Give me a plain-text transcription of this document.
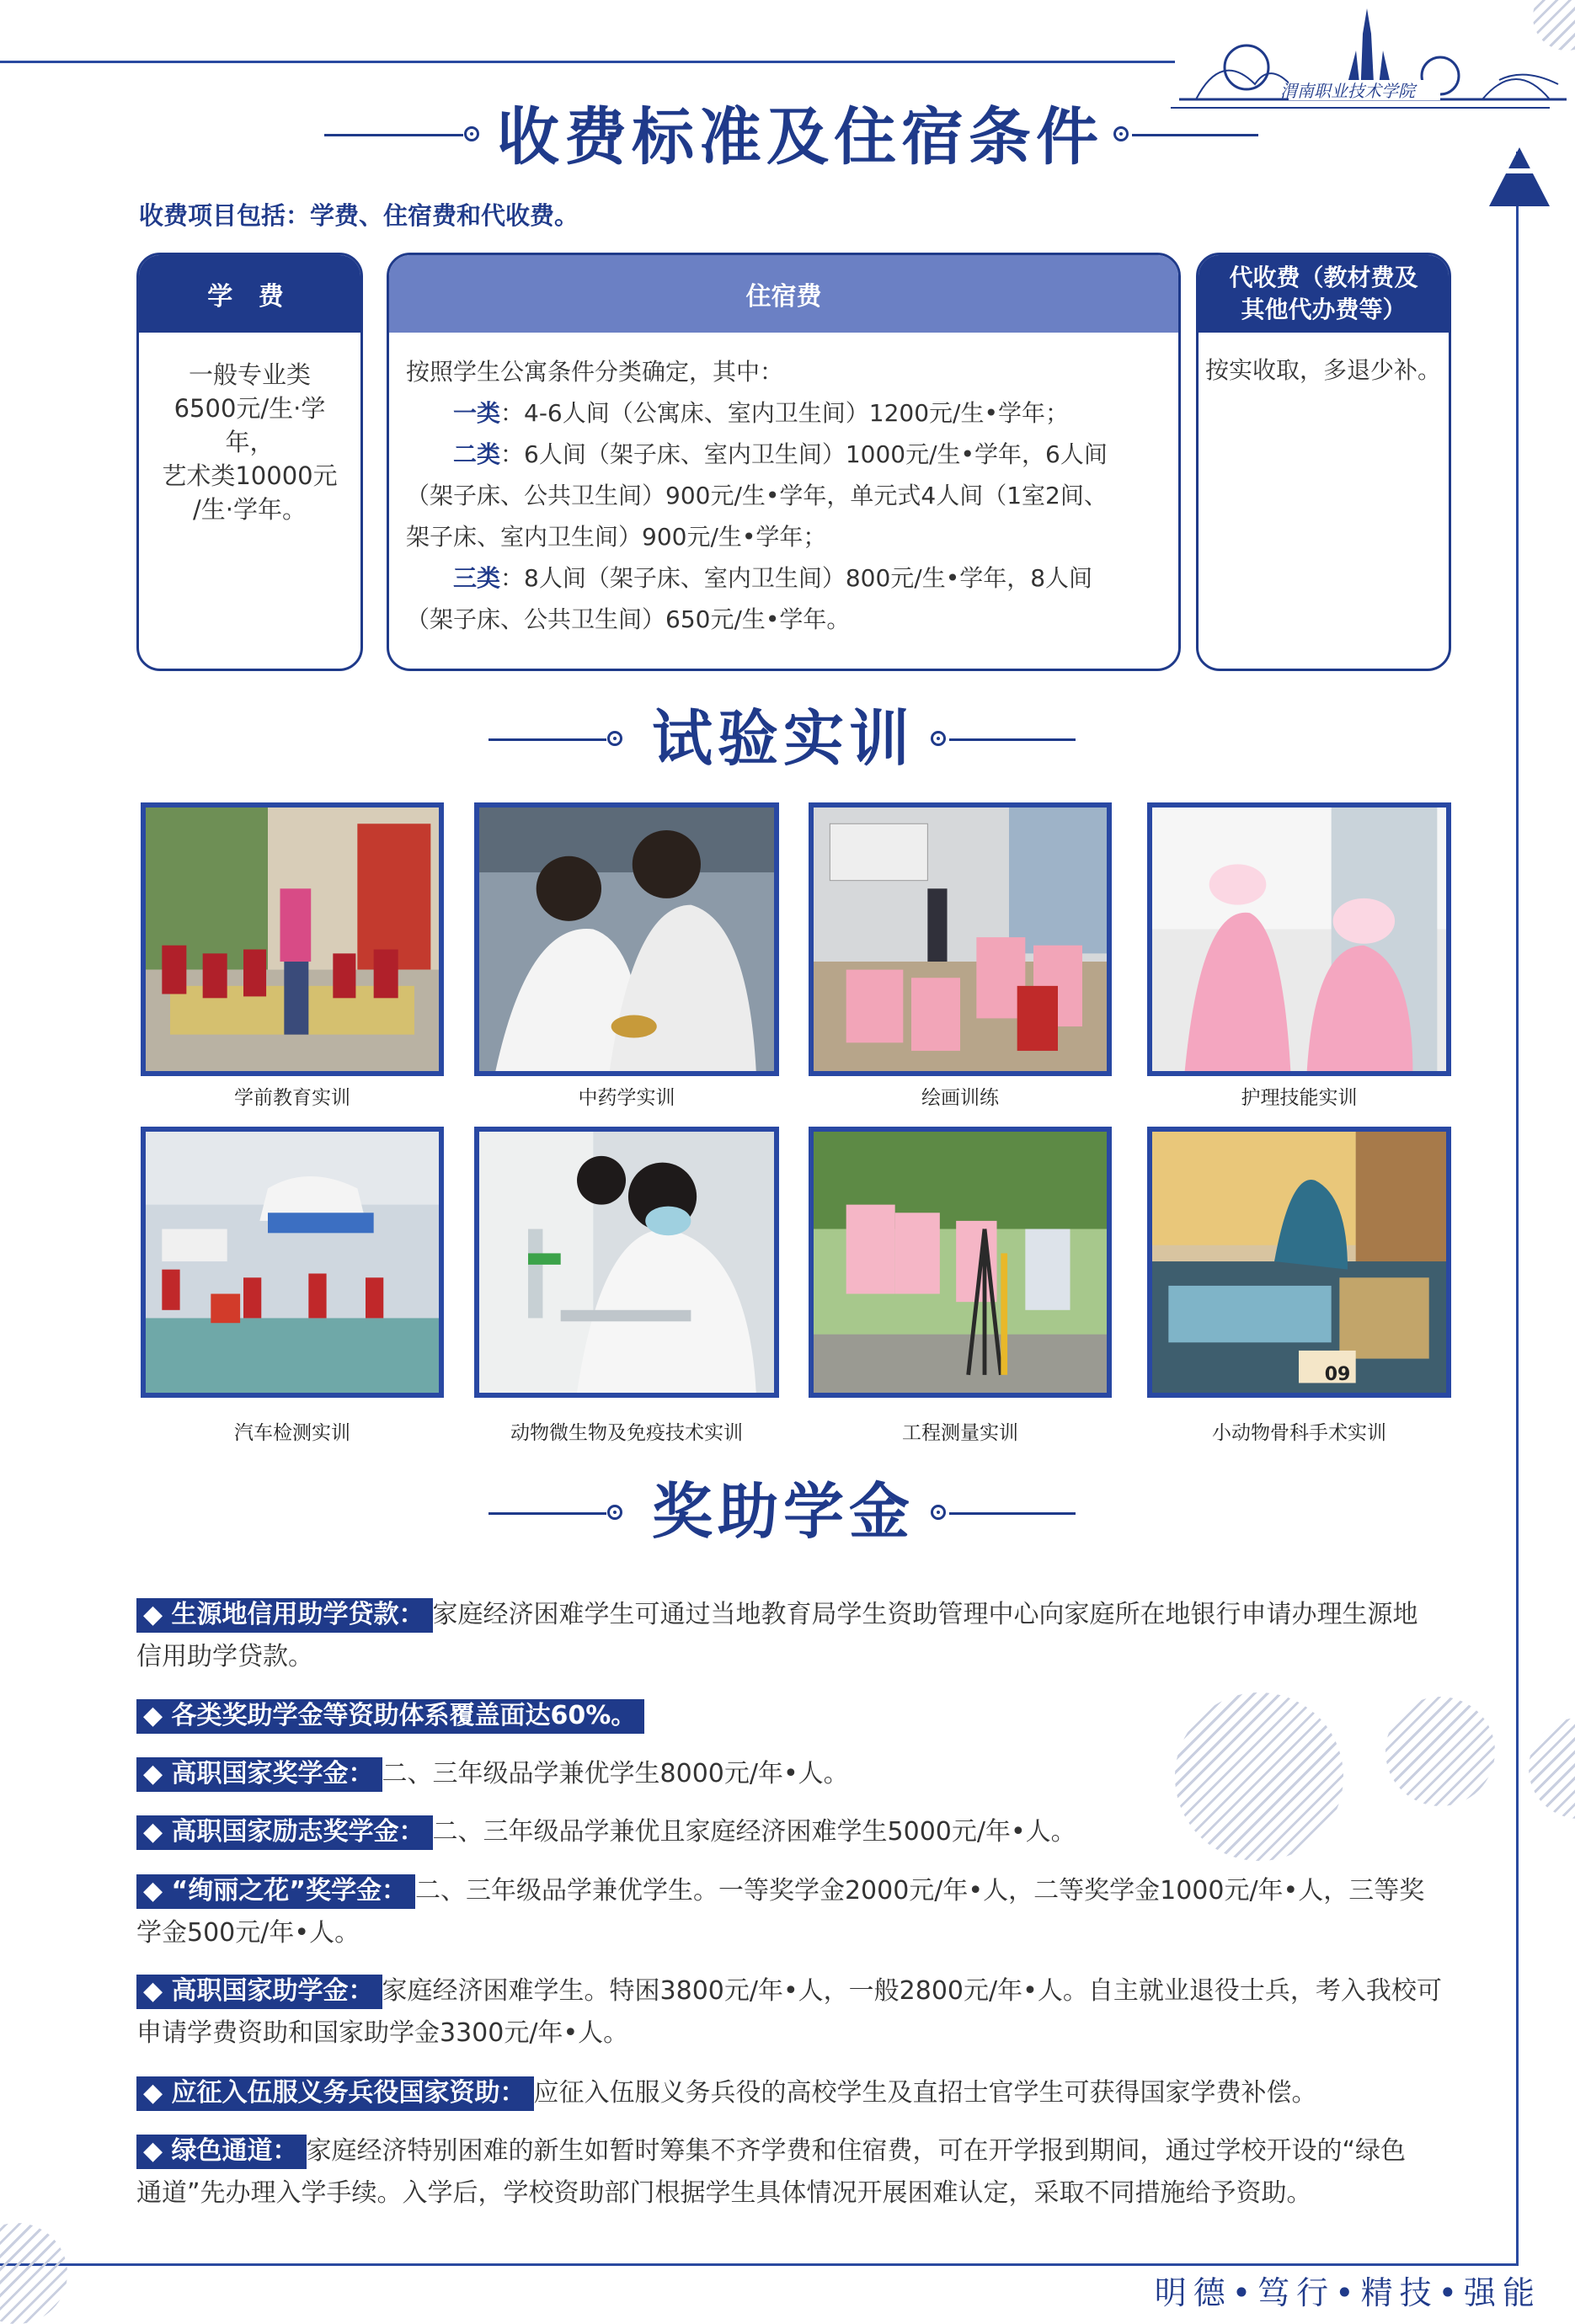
渭南职业技术学院
收费标准及住宿条件
收费项目包括：学费、住宿费和代收费。
学 费
一般专业类
6500元/生·学年，
艺术类10000元
/生·学年。
住宿费
按照学生公寓条件分类确定，其中：
一类：4-6人间（公寓床、室内卫生间）1200元/生•学年；
二类：6人间（架子床、室内卫生间）1000元/生•学年，6人间
（架子床、公共卫生间）900元/生•学年，单元式4人间（1室2间、
架子床、室内卫生间）900元/生•学年；
三类：8人间（架子床、室内卫生间）800元/生•学年，8人间
（架子床、公共卫生间）650元/生•学年。
代收费（教材费及
其他代办费等）
按实收取，多退少补。
试验实训
学前教育实训	中药学实训	绘画训练	护理技能实训
09
汽车检测实训	动物微生物及免疫技术实训	工程测量实训	小动物骨科手术实训
奖助学金
◆ 生源地信用助学贷款： 家庭经济困难学生可通过当地教育局学生资助管理中心向家庭所在地银行申请办理生源地
信用助学贷款。
◆ 各类奖助学金等资助体系覆盖面达60%。
◆ 高职国家奖学金： 二、三年级品学兼优学生8000元/年•人。
◆ 高职国家励志奖学金： 二、三年级品学兼优且家庭经济困难学生5000元/年•人。
◆ “绚丽之花”奖学金： 二、三年级品学兼优学生。一等奖学金2000元/年•人，二等奖学金1000元/年•人，三等奖
学金500元/年•人。
◆ 高职国家助学金： 家庭经济困难学生。特困3800元/年•人，一般2800元/年•人。自主就业退役士兵，考入我校可
申请学费资助和国家助学金3300元/年•人。
◆ 应征入伍服义务兵役国家资助： 应征入伍服义务兵役的高校学生及直招士官学生可获得国家学费补偿。
◆ 绿色通道： 家庭经济特别困难的新生如暂时筹集不齐学费和住宿费，可在开学报到期间，通过学校开设的“绿色
通道”先办理入学手续。入学后，学校资助部门根据学生具体情况开展困难认定，采取不同措施给予资助。
明德•笃行•精技•强能
